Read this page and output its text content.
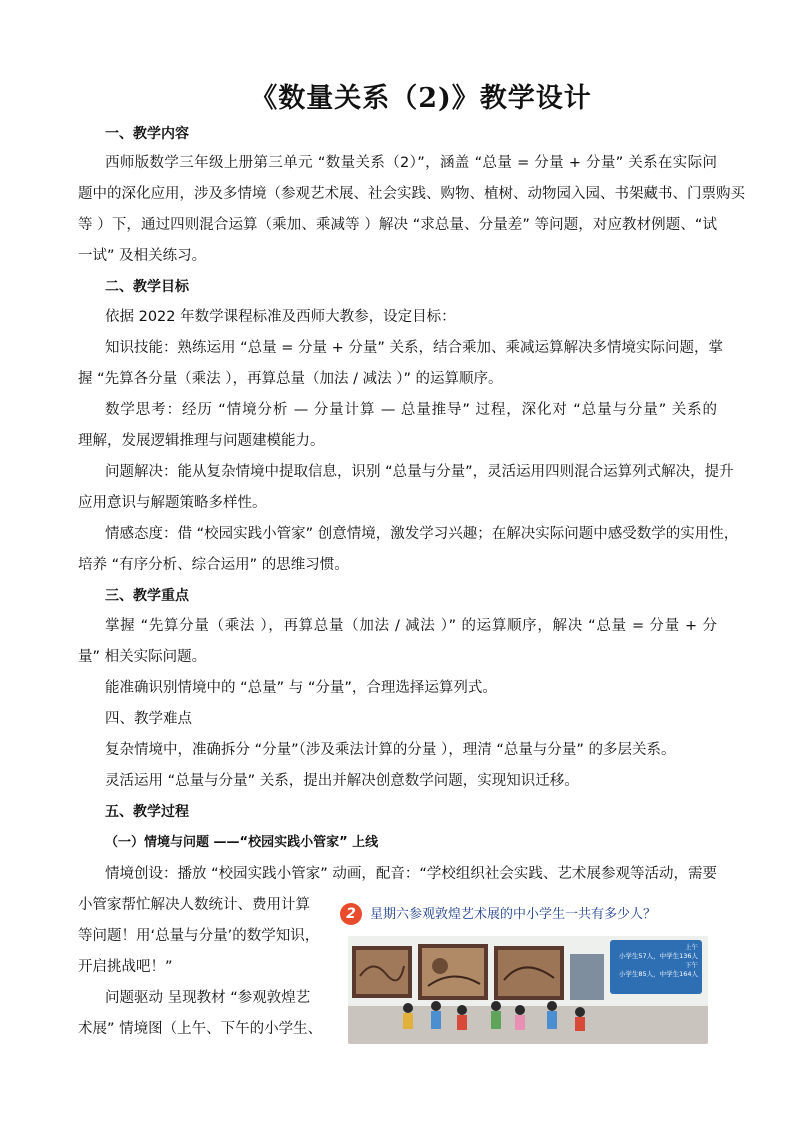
《数量关系（2)》教学设计
一、教学内容
西师版数学三年级上册第三单元 “数量关系（2）”，涵盖 “总量 = 分量 + 分量” 关系在实际问
题中的深化应用，涉及多情境（参观艺术展、社会实践、购物、植树、动物园入园、书架藏书、门票购买
等 ）下，通过四则混合运算（乘加、乘减等 ）解决 “求总量、分量差” 等问题，对应教材例题、“试
一试” 及相关练习。
二、教学目标
依据 2022 年数学课程标准及西师大教参，设定目标：
知识技能：熟练运用 “总量 = 分量 + 分量” 关系，结合乘加、乘减运算解决多情境实际问题，掌
握 “先算各分量（乘法 ），再算总量（加法 / 减法 ）” 的运算顺序。
数学思考：经历 “情境分析 — 分量计算 — 总量推导” 过程，深化对 “总量与分量” 关系的
理解，发展逻辑推理与问题建模能力。
问题解决：能从复杂情境中提取信息，识别 “总量与分量”，灵活运用四则混合运算列式解决，提升
应用意识与解题策略多样性。
情感态度：借 “校园实践小管家” 创意情境，激发学习兴趣；在解决实际问题中感受数学的实用性，
培养 “有序分析、综合运用” 的思维习惯。
三、教学重点
掌握 “先算分量（乘法 ），再算总量（加法 / 减法 ）” 的运算顺序，解决 “总量 = 分量 + 分
量” 相关实际问题。
能准确识别情境中的 “总量” 与 “分量”，合理选择运算列式。
四、教学难点
复杂情境中，准确拆分 “分量”（涉及乘法计算的分量 ），理清 “总量与分量” 的多层关系。
灵活运用 “总量与分量” 关系，提出并解决创意数学问题，实现知识迁移。
五、教学过程
（一）情境与问题 ——“校园实践小管家” 上线
情境创设：播放 “校园实践小管家” 动画，配音：“学校组织社会实践、艺术展参观等活动，需要
小管家帮忙解决人数统计、费用计算
等问题！用‘总量与分量’的数学知识，
开启挑战吧！”
问题驱动 呈现教材 “参观敦煌艺
术展” 情境图（上午、下午的小学生、
2 星期六参观敦煌艺术展的中小学生一共有多少人？
上午
小学生57人，中学生136人
下午
小学生85人，中学生164人
